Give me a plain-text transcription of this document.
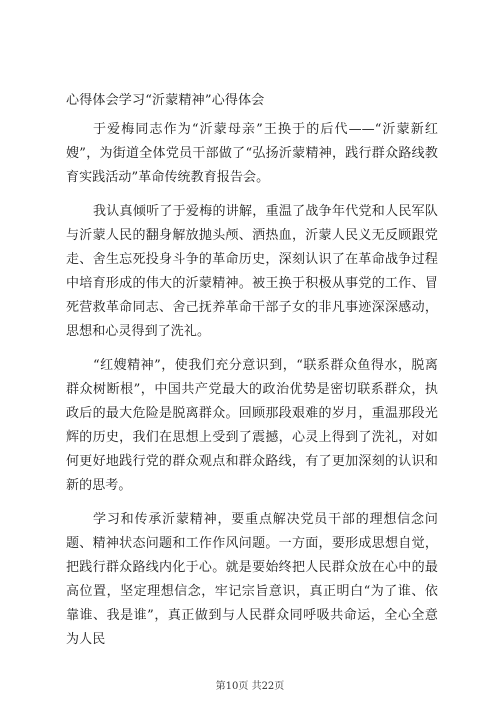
心得体会学习“沂蒙精神”心得体会

于爱梅同志作为“沂蒙母亲”王换于的后代——“沂蒙新红嫂”，为街道全体党员干部做了“弘扬沂蒙精神，践行群众路线教育实践活动”革命传统教育报告会。

我认真倾听了于爱梅的讲解，重温了战争年代党和人民军队与沂蒙人民的翻身解放抛头颅、洒热血，沂蒙人民义无反顾跟党走、舍生忘死投身斗争的革命历史，深刻认识了在革命战争过程中培育形成的伟大的沂蒙精神。被王换于积极从事党的工作、冒死营救革命同志、舍己抚养革命干部子女的非凡事迹深深感动，思想和心灵得到了洗礼。

“红嫂精神”，使我们充分意识到，“联系群众鱼得水，脱离群众树断根”，中国共产党最大的政治优势是密切联系群众，执政后的最大危险是脱离群众。回顾那段艰难的岁月，重温那段光辉的历史，我们在思想上受到了震撼，心灵上得到了洗礼，对如何更好地践行党的群众观点和群众路线，有了更加深刻的认识和新的思考。

学习和传承沂蒙精神，要重点解决党员干部的理想信念问题、精神状态问题和工作作风问题。一方面，要形成思想自觉，把践行群众路线内化于心。就是要始终把人民群众放在心中的最高位置，坚定理想信念，牢记宗旨意识，真正明白“为了谁、依靠谁、我是谁”，真正做到与人民群众同呼吸共命运，全心全意为人民

第10页 共22页
